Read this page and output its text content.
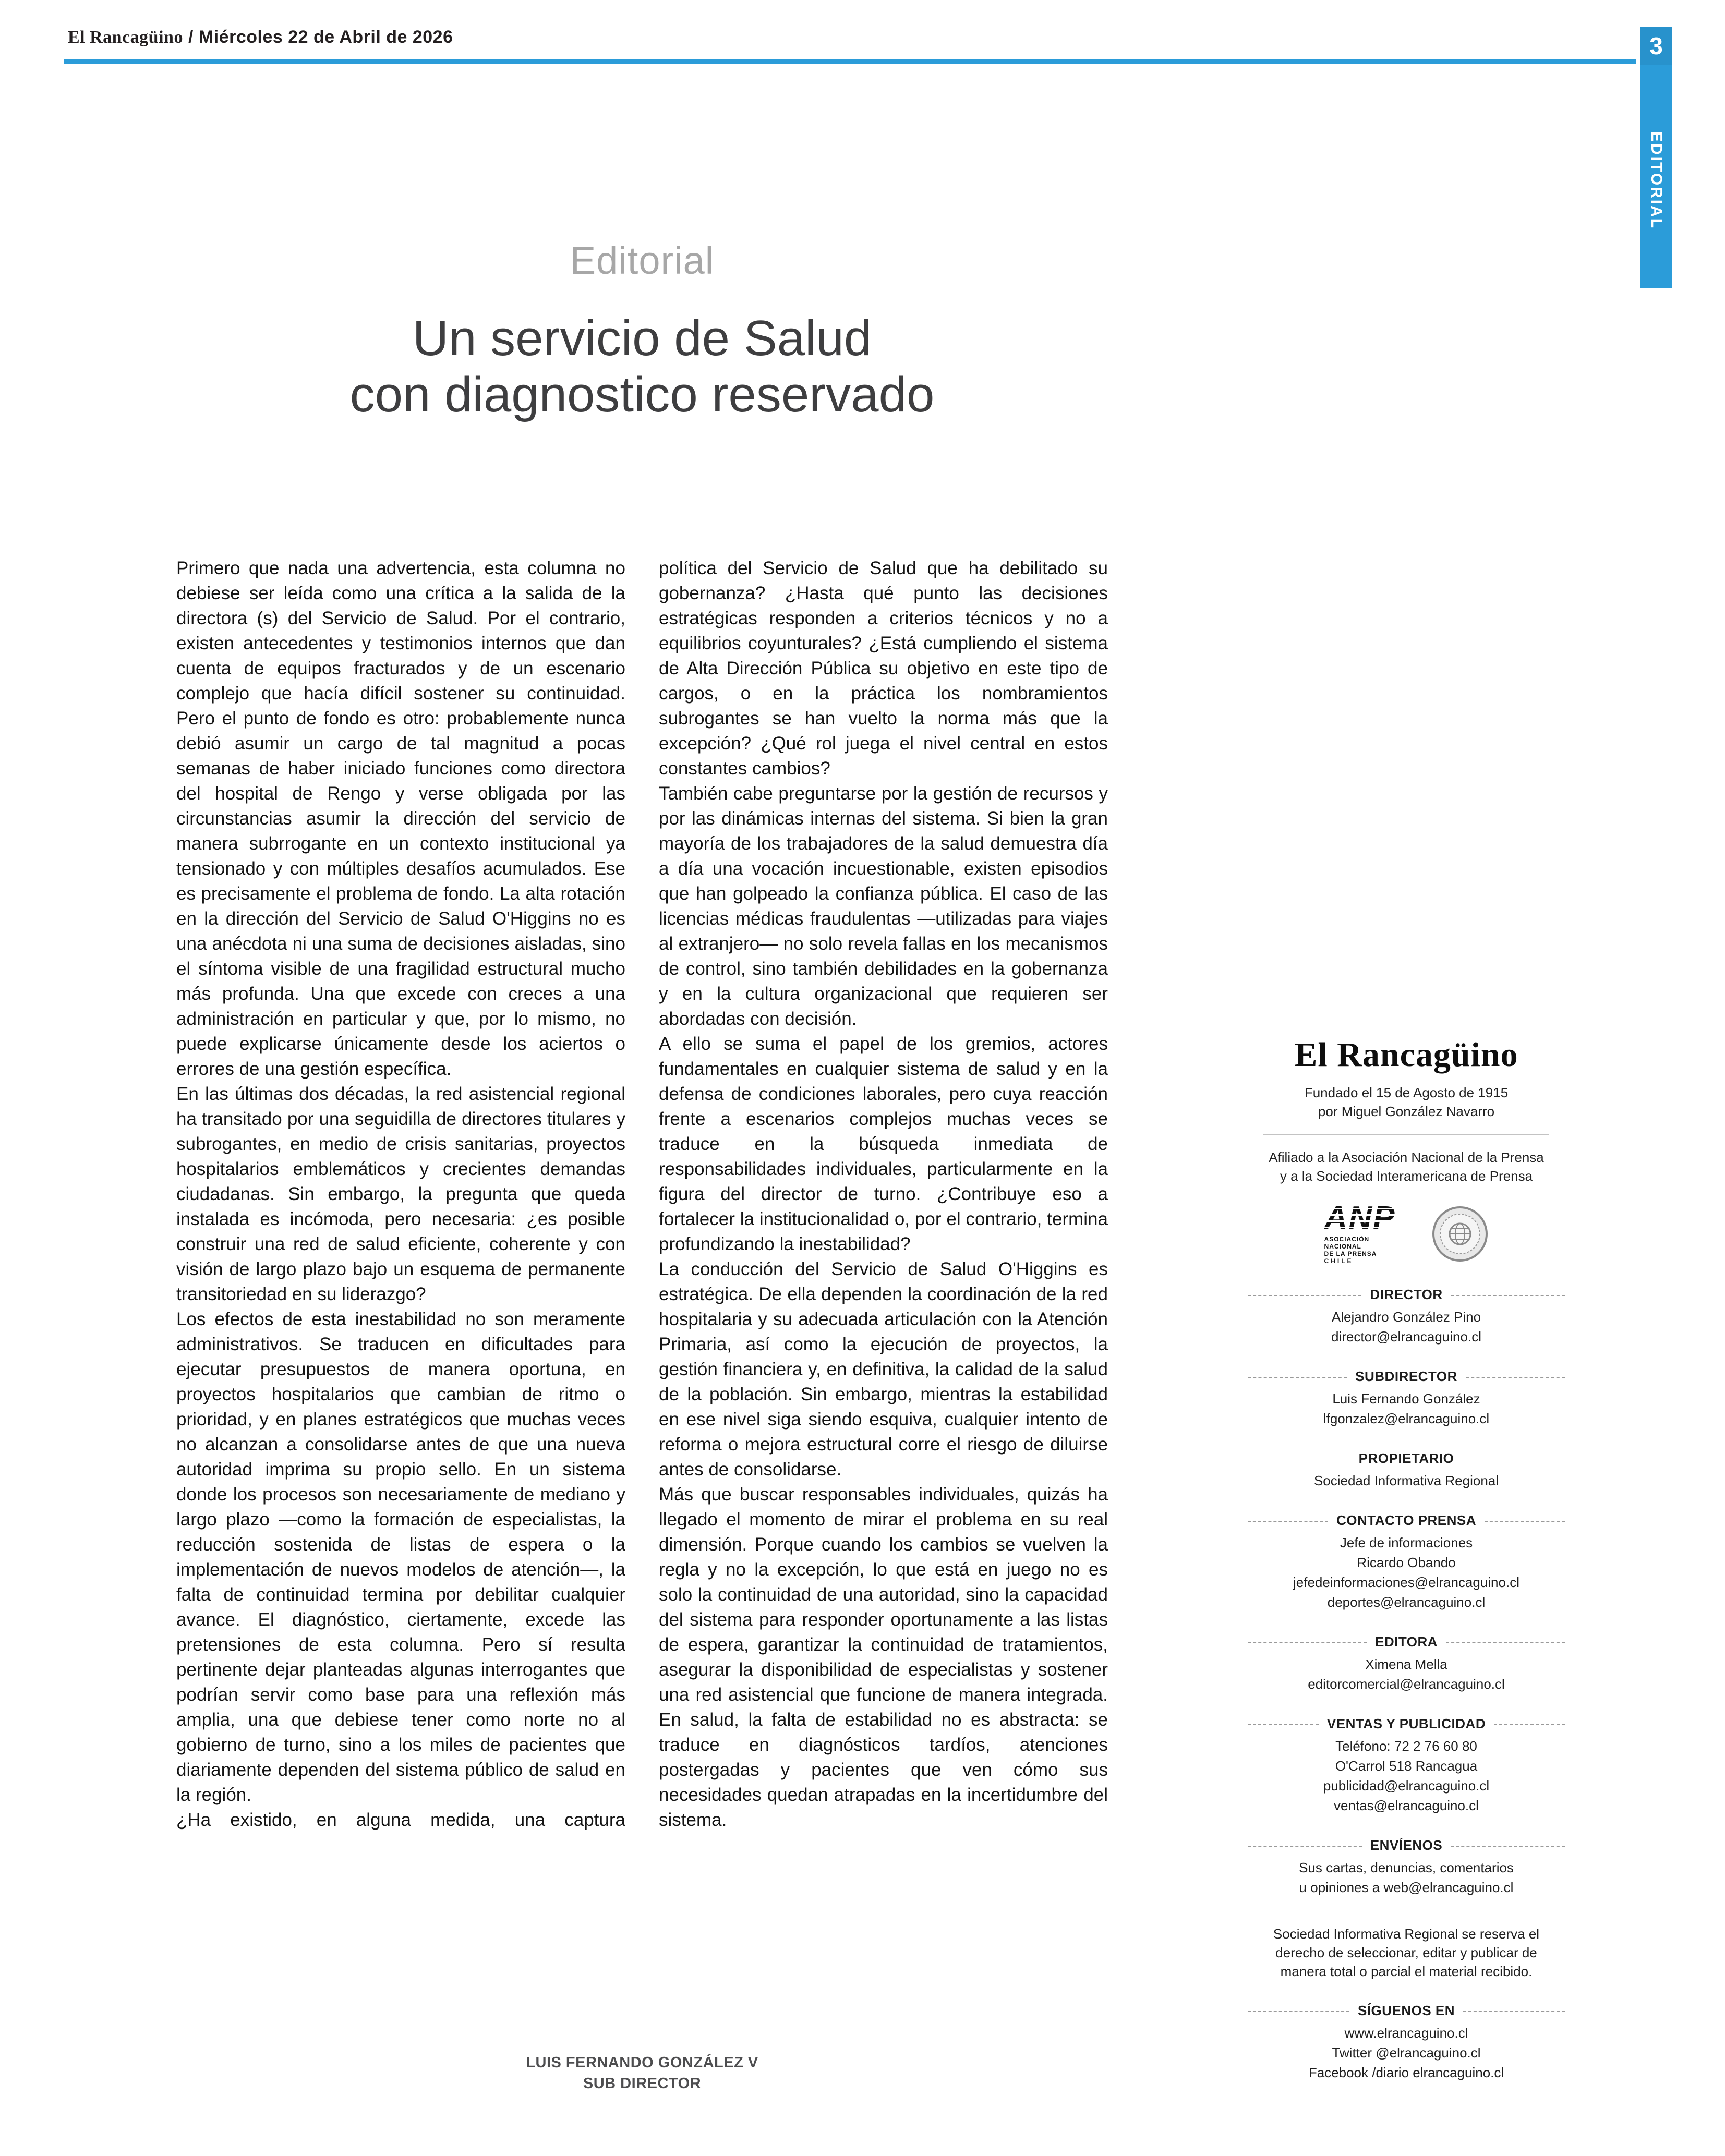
El Rancagüino / Miércoles 22 de Abril de 2026	3
EDITORIAL
Editorial
Un servicio de Salud
con diagnostico reservado

Primero que nada una advertencia, esta columna no debiese ser leída como una crítica a la salida de la directora (s) del Servicio de Salud. Por el contrario, existen antecedentes y testimonios internos que dan cuenta de equipos fracturados y de un escenario complejo que hacía difícil sostener su continuidad. Pero el punto de fondo es otro: probablemente nunca debió asumir un cargo de tal magnitud a pocas semanas de haber iniciado funciones como directora del hospital de Rengo y verse obligada por las circunstancias asumir la dirección del servicio de manera subrrogante en un contexto institucional ya tensionado y con múltiples desafíos acumulados. Ese es precisamente el problema de fondo. La alta rotación en la dirección del Servicio de Salud O'Higgins no es una anécdota ni una suma de decisiones aisladas, sino el síntoma visible de una fragilidad estructural mucho más profunda. Una que excede con creces a una administración en particular y que, por lo mismo, no puede explicarse únicamente desde los aciertos o errores de una gestión específica.

En las últimas dos décadas, la red asistencial regional ha transitado por una seguidilla de directores titulares y subrogantes, en medio de crisis sanitarias, proyectos hospitalarios emblemáticos y crecientes demandas ciudadanas. Sin embargo, la pregunta que queda instalada es incómoda, pero necesaria: ¿es posible construir una red de salud eficiente, coherente y con visión de largo plazo bajo un esquema de permanente transitoriedad en su liderazgo?

Los efectos de esta inestabilidad no son meramente administrativos. Se traducen en dificultades para ejecutar presupuestos de manera oportuna, en proyectos hospitalarios que cambian de ritmo o prioridad, y en planes estratégicos que muchas veces no alcanzan a consolidarse antes de que una nueva autoridad imprima su propio sello. En un sistema donde los procesos son necesariamente de mediano y largo plazo —como la formación de especialistas, la reducción sostenida de listas de espera o la implementación de nuevos modelos de atención—, la falta de continuidad termina por debilitar cualquier avance. El diagnóstico, ciertamente, excede las pretensiones de esta columna. Pero sí resulta pertinente dejar planteadas algunas interrogantes que podrían servir como base para una reflexión más amplia, una que debiese tener como norte no al gobierno de turno, sino a los miles de pacientes que diariamente dependen del sistema público de salud en la región.

¿Ha existido, en alguna medida, una captura

política del Servicio de Salud que ha debilitado su gobernanza? ¿Hasta qué punto las decisiones estratégicas responden a criterios técnicos y no a equilibrios coyunturales? ¿Está cumpliendo el sistema de Alta Dirección Pública su objetivo en este tipo de cargos, o en la práctica los nombramientos subrogantes se han vuelto la norma más que la excepción? ¿Qué rol juega el nivel central en estos constantes cambios?

También cabe preguntarse por la gestión de recursos y por las dinámicas internas del sistema. Si bien la gran mayoría de los trabajadores de la salud demuestra día a día una vocación incuestionable, existen episodios que han golpeado la confianza pública. El caso de las licencias médicas fraudulentas —utilizadas para viajes al extranjero— no solo revela fallas en los mecanismos de control, sino también debilidades en la gobernanza y en la cultura organizacional que requieren ser abordadas con decisión.

A ello se suma el papel de los gremios, actores fundamentales en cualquier sistema de salud y en la defensa de condiciones laborales, pero cuya reacción frente a escenarios complejos muchas veces se traduce en la búsqueda inmediata de responsabilidades individuales, particularmente en la figura del director de turno. ¿Contribuye eso a fortalecer la institucionalidad o, por el contrario, termina profundizando la inestabilidad?

La conducción del Servicio de Salud O'Higgins es estratégica. De ella dependen la coordinación de la red hospitalaria y su adecuada articulación con la Atención Primaria, así como la ejecución de proyectos, la gestión financiera y, en definitiva, la calidad de la salud de la población. Sin embargo, mientras la estabilidad en ese nivel siga siendo esquiva, cualquier intento de reforma o mejora estructural corre el riesgo de diluirse antes de consolidarse.

Más que buscar responsables individuales, quizás ha llegado el momento de mirar el problema en su real dimensión. Porque cuando los cambios se vuelven la regla y no la excepción, lo que está en juego no es solo la continuidad de una autoridad, sino la capacidad del sistema para responder oportunamente a las listas de espera, garantizar la continuidad de tratamientos, asegurar la disponibilidad de especialistas y sostener una red asistencial que funcione de manera integrada. En salud, la falta de estabilidad no es abstracta: se traduce en diagnósticos tardíos, atenciones postergadas y pacientes que ven cómo sus necesidades quedan atrapadas en la incertidumbre del sistema.

LUIS FERNANDO GONZÁLEZ V
SUB DIRECTOR
El Rancagüino
Fundado el 15 de Agosto de 1915
por Miguel González Navarro
Afiliado a la Asociación Nacional de la Prensa
y a la Sociedad Interamericana de Prensa
ANP
ASOCIACIÓN
NACIONAL
DE LA PRENSA
CHILE
DIRECTOR
Alejandro González Pino
director@elrancaguino.cl
SUBDIRECTOR
Luis Fernando González
lfgonzalez@elrancaguino.cl
PROPIETARIO
Sociedad Informativa Regional
CONTACTO PRENSA
Jefe de informaciones
Ricardo Obando
jefedeinformaciones@elrancaguino.cl
deportes@elrancaguino.cl
EDITORA
Ximena Mella
editorcomercial@elrancaguino.cl
VENTAS Y PUBLICIDAD
Teléfono: 72 2 76 60 80
O'Carrol 518 Rancagua
publicidad@elrancaguino.cl
ventas@elrancaguino.cl
ENVÍENOS
Sus cartas, denuncias, comentarios
u opiniones a web@elrancaguino.cl
Sociedad Informativa Regional se reserva el derecho de seleccionar, editar y publicar de manera total o parcial el material recibido.
SÍGUENOS EN
www.elrancaguino.cl
Twitter @elrancaguino.cl
Facebook /diario elrancaguino.cl
